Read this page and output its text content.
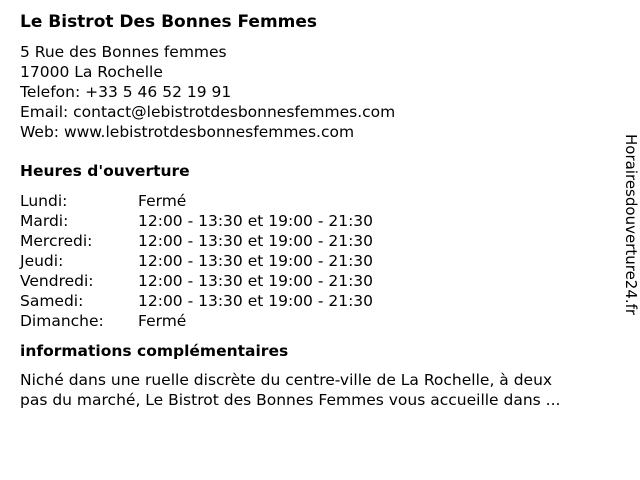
Le Bistrot Des Bonnes Femmes
5 Rue des Bonnes femmes
17000 La Rochelle
Telefon: +33 5 46 52 19 91
Email: contact@lebistrotdesbonnesfemmes.com
Web: www.lebistrotdesbonnesfemmes.com
Heures d'ouverture
Lundi:	Fermé
Mardi:	12:00 - 13:30 et 19:00 - 21:30
Mercredi:	12:00 - 13:30 et 19:00 - 21:30
Jeudi:	12:00 - 13:30 et 19:00 - 21:30
Vendredi:	12:00 - 13:30 et 19:00 - 21:30
Samedi:	12:00 - 13:30 et 19:00 - 21:30
Dimanche:	Fermé
informations complémentaires
Niché dans une ruelle discrète du centre-ville de La Rochelle, à deux
pas du marché, Le Bistrot des Bonnes Femmes vous accueille dans ...
Horairesdouverture24.fr
